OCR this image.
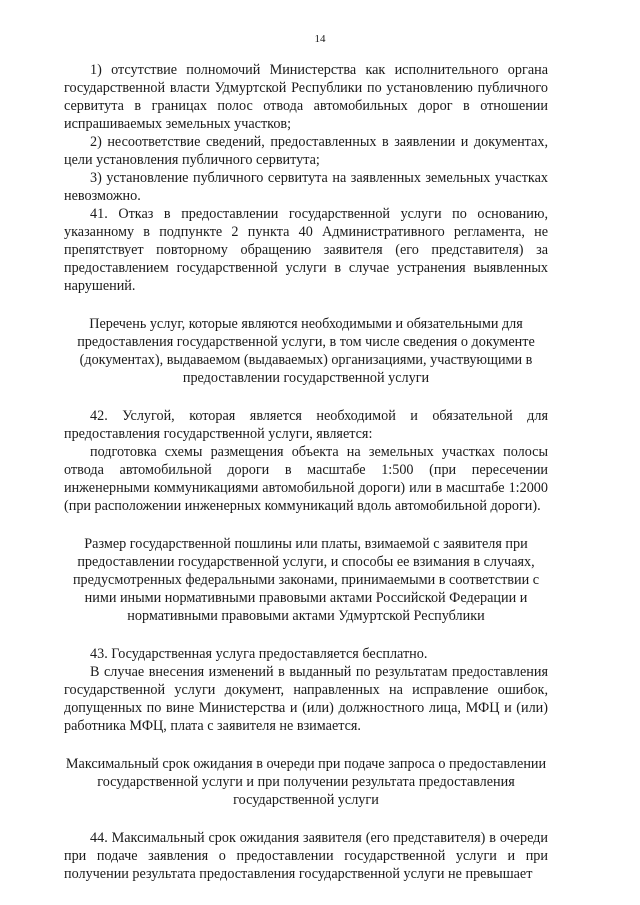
14

1) отсутствие полномочий Министерства как исполнительного органа государственной власти Удмуртской Республики по установлению публичного сервитута в границах полос отвода автомобильных дорог в отношении испрашиваемых земельных участков;

2) несоответствие сведений, предоставленных в заявлении и документах, цели установления публичного сервитута;

3) установление публичного сервитута на заявленных земельных участках невозможно.

41. Отказ в предоставлении государственной услуги по основанию, указанному в подпункте 2 пункта 40 Административного регламента, не препятствует повторному обращению заявителя (его представителя) за предоставлением государственной услуги в случае устранения выявленных нарушений.

Перечень услуг, которые являются необходимыми и обязательными для предоставления государственной услуги, в том числе сведения о документе (документах), выдаваемом (выдаваемых) организациями, участвующими в предоставлении государственной услуги

42. Услугой, которая является необходимой и обязательной для предоставления государственной услуги, является:

подготовка схемы размещения объекта на земельных участках полосы отвода автомобильной дороги в масштабе 1:500 (при пересечении инженерными коммуникациями автомобильной дороги) или в масштабе 1:2000 (при расположении инженерных коммуникаций вдоль автомобильной дороги).

Размер государственной пошлины или платы, взимаемой с заявителя при предоставлении государственной услуги, и способы ее взимания в случаях, предусмотренных федеральными законами, принимаемыми в соответствии с ними иными нормативными правовыми актами Российской Федерации и нормативными правовыми актами Удмуртской Республики

43. Государственная услуга предоставляется бесплатно.

В случае внесения изменений в выданный по результатам предоставления государственной услуги документ, направленных на исправление ошибок, допущенных по вине Министерства и (или) должностного лица, МФЦ и (или) работника МФЦ, плата с заявителя не взимается.

Максимальный срок ожидания в очереди при подаче запроса о предоставлении государственной услуги и при получении результата предоставления государственной услуги

44. Максимальный срок ожидания заявителя (его представителя) в очереди при подаче заявления о предоставлении государственной услуги и при получении результата предоставления государственной услуги не превышает
